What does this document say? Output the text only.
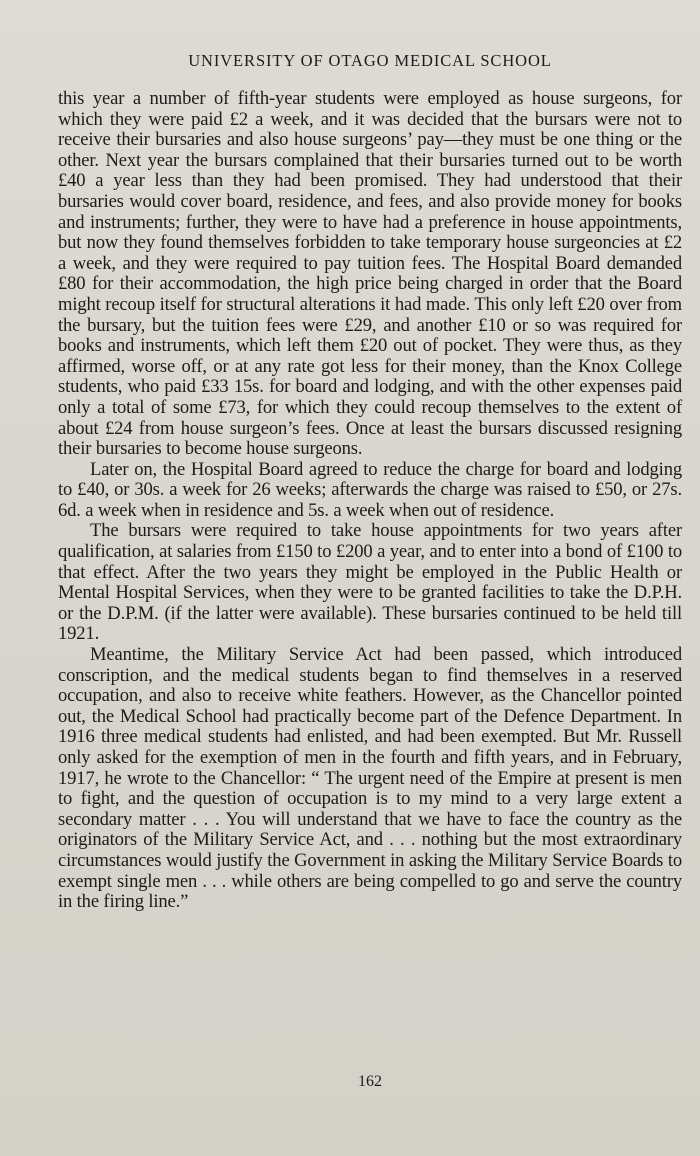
UNIVERSITY OF OTAGO MEDICAL SCHOOL

this year a number of fifth-year students were employed as house surgeons, for which they were paid £2 a week, and it was decided that the bursars were not to receive their bursaries and also house surgeons’ pay—they must be one thing or the other. Next year the bursars complained that their bursaries turned out to be worth £40 a year less than they had been promised. They had understood that their bursaries would cover board, residence, and fees, and also provide money for books and instruments; further, they were to have had a preference in house appointments, but now they found themselves forbidden to take temporary house surgeoncies at £2 a week, and they were required to pay tuition fees. The Hospital Board demanded £80 for their accommodation, the high price being charged in order that the Board might recoup itself for structural alterations it had made. This only left £20 over from the bursary, but the tuition fees were £29, and another £10 or so was required for books and instruments, which left them £20 out of pocket. They were thus, as they affirmed, worse off, or at any rate got less for their money, than the Knox College students, who paid £33 15s. for board and lodging, and with the other expenses paid only a total of some £73, for which they could recoup themselves to the extent of about £24 from house surgeon’s fees. Once at least the bursars discussed resigning their bursaries to become house surgeons.

Later on, the Hospital Board agreed to reduce the charge for board and lodging to £40, or 30s. a week for 26 weeks; afterwards the charge was raised to £50, or 27s. 6d. a week when in residence and 5s. a week when out of residence.

The bursars were required to take house appointments for two years after qualification, at salaries from £150 to £200 a year, and to enter into a bond of £100 to that effect. After the two years they might be employed in the Public Health or Mental Hospital Services, when they were to be granted facilities to take the D.P.H. or the D.P.M. (if the latter were available). These bursaries continued to be held till 1921.

Meantime, the Military Service Act had been passed, which introduced conscription, and the medical students began to find themselves in a reserved occupation, and also to receive white feathers. However, as the Chancellor pointed out, the Medical School had practically become part of the Defence Department. In 1916 three medical students had enlisted, and had been exempted. But Mr. Russell only asked for the exemption of men in the fourth and fifth years, and in February, 1917, he wrote to the Chancellor: “ The urgent need of the Empire at present is men to fight, and the question of occupation is to my mind to a very large extent a secondary matter . . . You will understand that we have to face the country as the originators of the Military Service Act, and . . . nothing but the most extraordinary circumstances would justify the Government in asking the Military Service Boards to exempt single men . . . while others are being compelled to go and serve the country in the firing line.”

162
